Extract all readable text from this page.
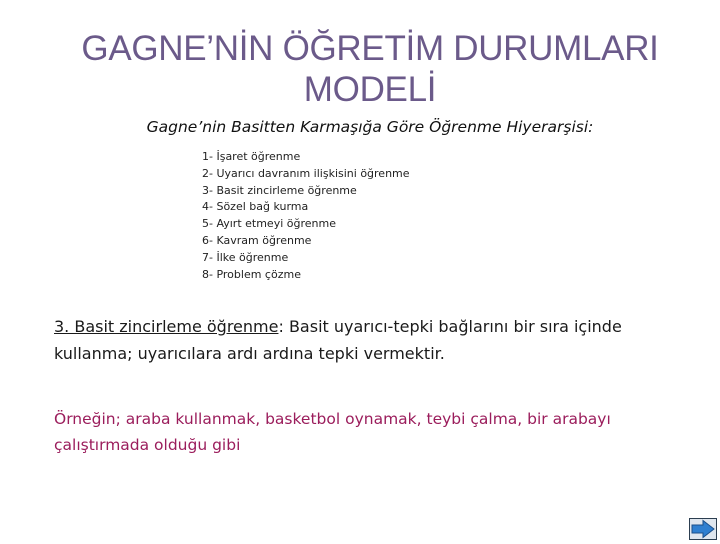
GAGNE’NİN ÖĞRETİM DURUMLARI
MODELİ
Gagne’nin Basitten Karmaşığa Göre Öğrenme Hiyerarşisi:
1- İşaret öğrenme
2- Uyarıcı davranım ilişkisini öğrenme
3- Basit zincirleme öğrenme
4- Sözel bağ kurma
5- Ayırt etmeyi öğrenme
6- Kavram öğrenme
7- İlke öğrenme
8- Problem çözme
3. Basit zincirleme öğrenme: Basit uyarıcı-tepki bağlarını bir sıra içinde kullanma; uyarıcılara ardı ardına tepki vermektir.
Örneğin; araba kullanmak, basketbol oynamak, teybi çalma, bir arabayı çalıştırmada olduğu gibi
